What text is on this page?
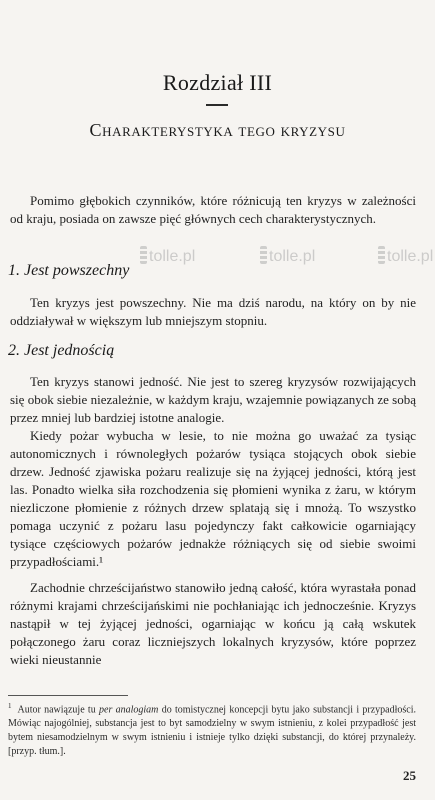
Rozdział III
Charakterystyka tego kryzysu

Pomimo głębokich czynników, które różnicują ten kryzys w zależności od kraju, posiada on zawsze pięć głównych cech charakterystycznych.

tolle.pl	tolle.pl	tolle.pl
1. Jest powszechny

Ten kryzys jest powszechny. Nie ma dziś narodu, na który on by nie oddziaływał w większym lub mniejszym stopniu.

2. Jest jednością

Ten kryzys stanowi jedność. Nie jest to szereg kryzysów rozwijających się obok siebie niezależnie, w każdym kraju, wzajemnie powiązanych ze sobą przez mniej lub bardziej istotne analogie.

Kiedy pożar wybucha w lesie, to nie można go uważać za tysiąc autonomicznych i równoległych pożarów tysiąca stojących obok siebie drzew. Jedność zjawiska pożaru realizuje się na żyjącej jedności, którą jest las. Ponadto wielka siła rozchodzenia się płomieni wynika z żaru, w którym niezliczone płomienie z różnych drzew splatają się i mnożą. To wszystko pomaga uczynić z pożaru lasu pojedynczy fakt całkowicie ogarniający tysiące częściowych pożarów jednakże różniących się od siebie swoimi przypadłościami.¹

Zachodnie chrześcijaństwo stanowiło jedną całość, która wyrastała ponad różnymi krajami chrześcijańskimi nie pochłaniając ich jednocześnie. Kryzys nastąpił w tej żyjącej jedności, ogarniając w końcu ją całą wskutek połączonego żaru coraz liczniejszych lokalnych kryzysów, które poprzez wieki nieustannie

$^1$ Autor nawiązuje tu per analogiam do tomistycznej koncepcji bytu jako substancji i przypadłości. Mówiąc najogólniej, substancja jest to byt samodzielny w swym istnieniu, z kolei przypadłość jest bytem niesamodzielnym w swym istnieniu i istnieje tylko dzięki substancji, do której przynależy. [przyp. tłum.].
25
